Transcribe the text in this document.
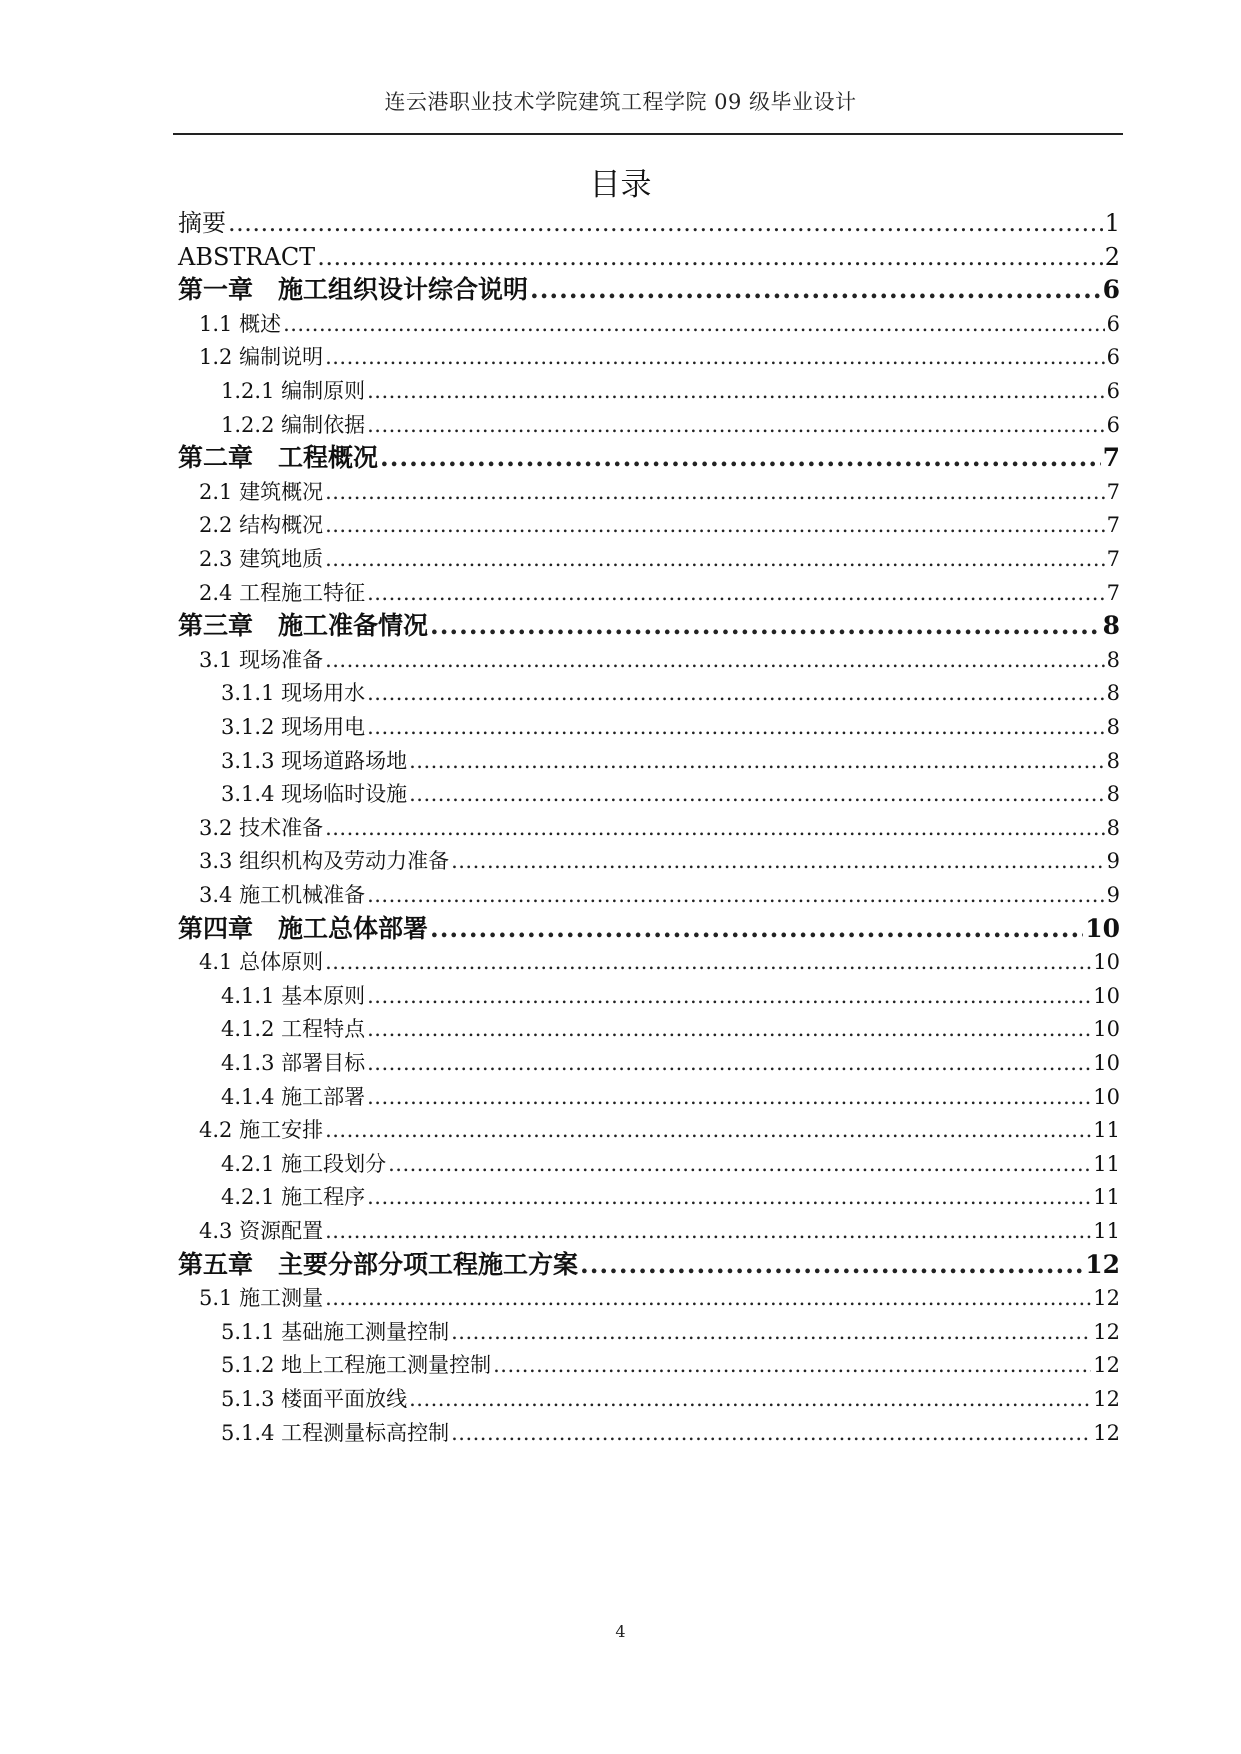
连云港职业技术学院建筑工程学院 09 级毕业设计
目录
摘要 .....	1
ABSTRACT .....	2
第一章　施工组织设计综合说明 .....	6
1.1 概述 .....	6
1.2 编制说明 .....	6
1.2.1 编制原则 .....	6
1.2.2 编制依据 .....	6
第二章　工程概况 .....	7
2.1 建筑概况 .....	7
2.2 结构概况 .....	7
2.3 建筑地质 .....	7
2.4 工程施工特征 .....	7
第三章　施工准备情况 .....	8
3.1 现场准备 .....	8
3.1.1 现场用水 .....	8
3.1.2 现场用电 .....	8
3.1.3 现场道路场地 .....	8
3.1.4 现场临时设施 .....	8
3.2 技术准备 .....	8
3.3 组织机构及劳动力准备 .....	9
3.4 施工机械准备 .....	9
第四章　施工总体部署 .....	10
4.1 总体原则 .....	10
4.1.1 基本原则 .....	10
4.1.2 工程特点 .....	10
4.1.3 部署目标 .....	10
4.1.4 施工部署 .....	10
4.2 施工安排 .....	11
4.2.1 施工段划分 .....	11
4.2.1 施工程序 .....	11
4.3 资源配置 .....	11
第五章　主要分部分项工程施工方案 .....	12
5.1 施工测量 .....	12
5.1.1 基础施工测量控制 .....	12
5.1.2 地上工程施工测量控制 .....	12
5.1.3 楼面平面放线 .....	12
5.1.4 工程测量标高控制 .....	12
4
